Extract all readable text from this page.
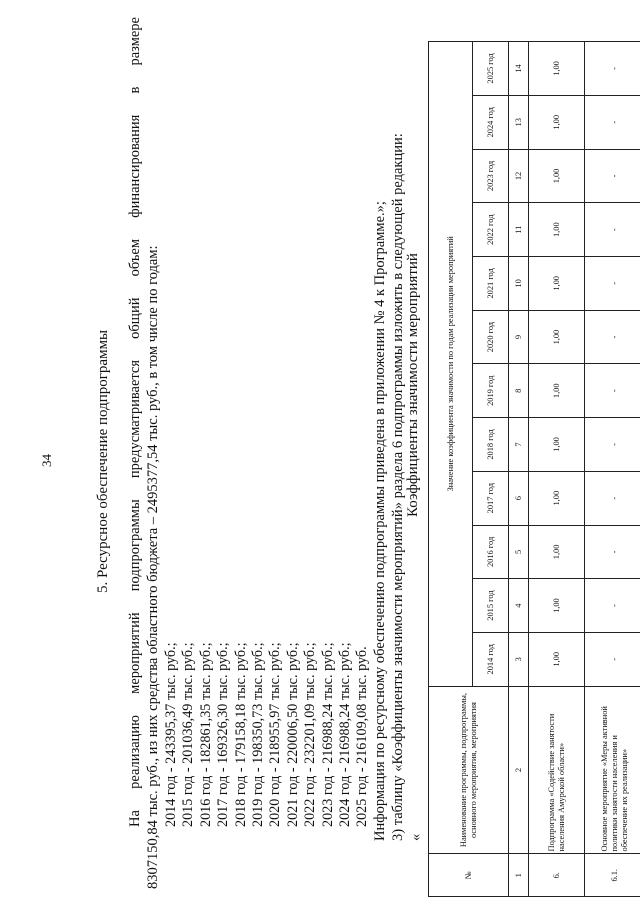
34	5. Ресурсное обеспечение подпрограммы На реализацию мероприятий подпрограммы предусматривается общий объем финансирования в размере 8307150,84 тыс. руб., из них средства областного бюджета – 2495377,54 тыс. руб., в том числе по годам: 2014 год - 243395,37 тыс. руб.; 2015 год - 201036,49 тыс. руб.; 2016 год - 182861,35 тыс. руб.; 2017 год - 169326,30 тыс. руб.; 2018 год - 179158,18 тыс. руб.; 2019 год - 198350,73 тыс. руб.; 2020 год - 218955,97 тыс. руб.; 2021 год - 220006,50 тыс. руб.; 2022 год - 232201,09 тыс. руб.; 2023 год - 216988,24 тыс. руб.; 2024 год - 216988,24 тыс. руб.; 2025 год - 216109,08 тыс. руб. Информация по ресурсному обеспечению подпрограммы приведена в приложении № 4 к Программе.»; 3) таблицу «Коэффициенты значимости мероприятий» раздела 6 подпрограммы изложить в следующей редакции: «
Коэффициенты значимости мероприятий
№	Наименование программы, подпрограммы, основного мероприятия, мероприятия	Значение коэффициента значимости по годам реализации мероприятий											
		2014 год	2015 год	2016 год	2017 год	2018 год	2019 год	2020 год	2021 год	2022 год	2023 год	2024 год	2025 год
1	2	3	4	5	6	7	8	9	10	11	12	13	14
6.	Подпрограмма «Содействие занятости населения Амурской области»	1,00	1,00	1,00	1,00	1,00	1,00	1,00	1,00	1,00	1,00	1,00	1,00
6.1.	Основное мероприятие «Меры активной политики занятости населения и обеспечение их реализации»	-	-	-	-	-	-	-	-	-	-	-	-
